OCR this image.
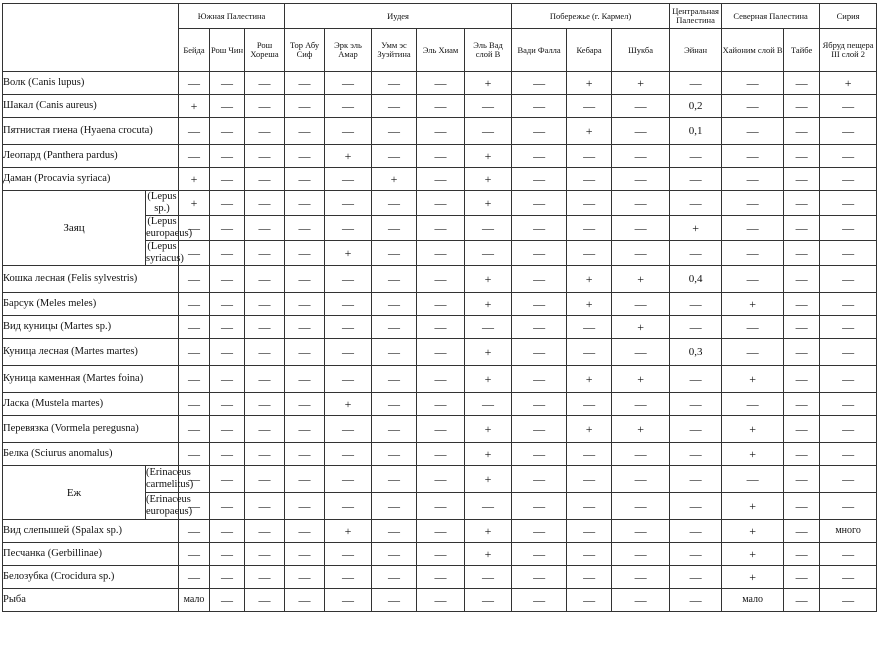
		Южная Палестина			Иудея					Побережье (г. Кармел)			Центральная Палестина	Северная Палестина		Сирия
		Бейда	Рош Чин	Рош Хореша	Тор Абу Сиф	Эрк эль Амар	Умм эс Зуэйтина	Эль Хиам	Эль Вад слой B	Вади Фалла	Кебара	Шукба	Эйнан	Хайоним слой B	Тайбе	Ябруд пещера III слой 2
Волк (Canis lupus)		—	—	—	—	—	—	—	+	—	+	+	—	—	—	+
Шакал (Canis aureus)		+	—	—	—	—	—	—	—	—	—	—	0,2	—	—	—
Пятнистая гиена (Hyaena crocuta)		—	—	—	—	—	—	—	—	—	+	—	0,1	—	—	—
Леопард (Panthera pardus)		—	—	—	—	+	—	—	+	—	—	—	—	—	—	—
Даман (Procavia syriaca)		+	—	—	—	—	+	—	+	—	—	—	—	—	—	—
Заяц	(Lepus sp.)	+	—	—	—	—	—	—	+	—	—	—	—	—	—	—
	(Lepus europaeus)	—	—	—	—	—	—	—	—	—	—	—	+	—	—	—
	(Lepus syriacus)	—	—	—	—	+	—	—	—	—	—	—	—	—	—	—
Кошка лесная (Felis sylvestris)		—	—	—	—	—	—	—	+	—	+	+	0,4	—	—	—
Барсук (Meles meles)		—	—	—	—	—	—	—	+	—	+	—	—	+	—	—
Вид куницы (Martes sp.)		—	—	—	—	—	—	—	—	—	—	+	—	—	—	—
Куница лесная (Martes martes)		—	—	—	—	—	—	—	+	—	—	—	0,3	—	—	—
Куница каменная (Martes foina)		—	—	—	—	—	—	—	+	—	+	+	—	+	—	—
Ласка (Mustela martes)		—	—	—	—	+	—	—	—	—	—	—	—	—	—	—
Перевязка (Vormela peregusna)		—	—	—	—	—	—	—	+	—	+	+	—	+	—	—
Белка (Sciurus anomalus)		—	—	—	—	—	—	—	+	—	—	—	—	+	—	—
Еж	(Erinaceus carmelitus)	—	—	—	—	—	—	—	+	—	—	—	—	—	—	—
	(Erinaceus europaeus)	—	—	—	—	—	—	—	—	—	—	—	—	+	—	—
Вид слепышей (Spalax sp.)		—	—	—	—	+	—	—	+	—	—	—	—	+	—	много
Песчанка (Gerbillinae)		—	—	—	—	—	—	—	+	—	—	—	—	+	—	—
Белозубка (Crocidura sp.)		—	—	—	—	—	—	—	—	—	—	—	—	+	—	—
Рыба		мало	—	—	—	—	—	—	—	—	—	—	—	мало	—	—
